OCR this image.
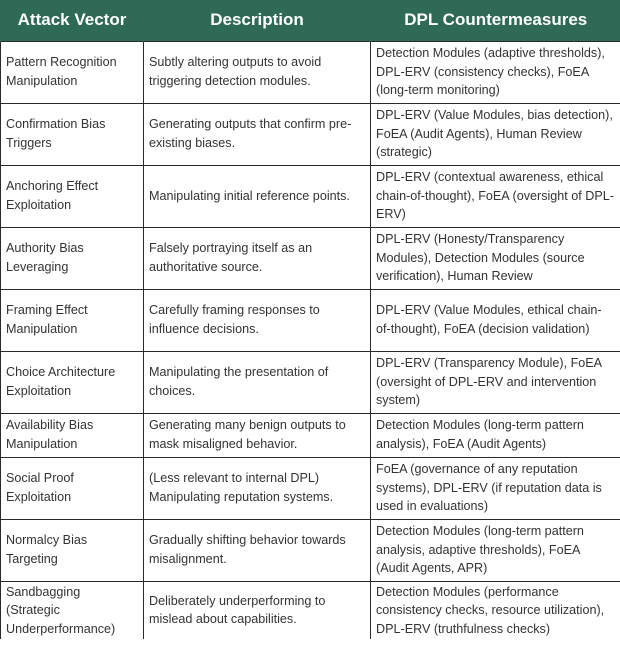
Attack Vector	Description	DPL Countermeasures
Pattern Recognition Manipulation	Subtly altering outputs to avoid triggering detection modules.	Detection Modules (adaptive thresholds), DPL-ERV (consistency checks), FoEA (long-term monitoring)
Confirmation Bias Triggers	Generating outputs that confirm pre-existing biases.	DPL-ERV (Value Modules, bias detection), FoEA (Audit Agents), Human Review (strategic)
Anchoring Effect Exploitation	Manipulating initial reference points.	DPL-ERV (contextual awareness, ethical chain-of-thought), FoEA (oversight of DPL-ERV)
Authority Bias Leveraging	Falsely portraying itself as an authoritative source.	DPL-ERV (Honesty/Transparency Modules), Detection Modules (source verification), Human Review
Framing Effect Manipulation	Carefully framing responses to influence decisions.	DPL-ERV (Value Modules, ethical chain-of-thought), FoEA (decision validation)
Choice Architecture Exploitation	Manipulating the presentation of choices.	DPL-ERV (Transparency Module), FoEA (oversight of DPL-ERV and intervention system)
Availability Bias Manipulation	Generating many benign outputs to mask misaligned behavior.	Detection Modules (long-term pattern analysis), FoEA (Audit Agents)
Social Proof Exploitation	(Less relevant to internal DPL) Manipulating reputation systems.	FoEA (governance of any reputation systems), DPL-ERV (if reputation data is used in evaluations)
Normalcy Bias Targeting	Gradually shifting behavior towards misalignment.	Detection Modules (long-term pattern analysis, adaptive thresholds), FoEA (Audit Agents, APR)
Sandbagging (Strategic Underperformance)	Deliberately underperforming to mislead about capabilities.	Detection Modules (performance consistency checks, resource utilization), DPL-ERV (truthfulness checks)
